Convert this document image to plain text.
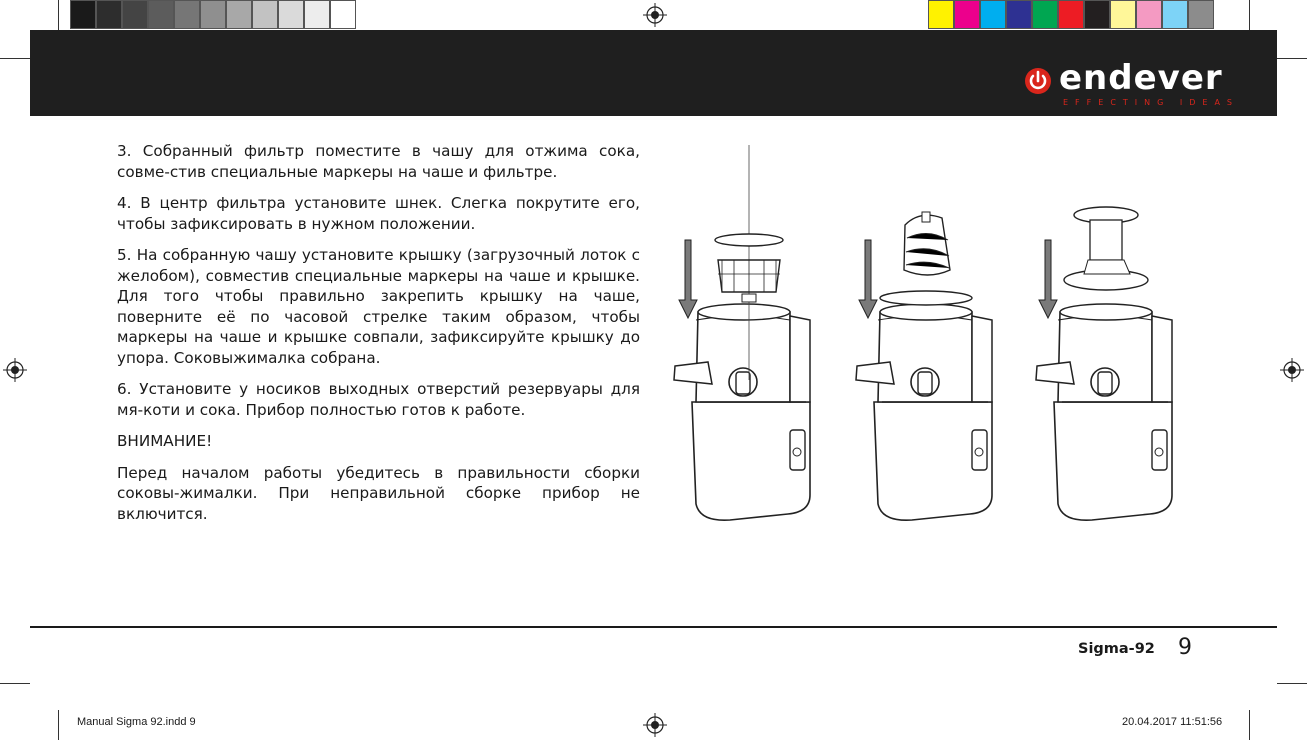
endever
EFFECTING IDEAS

3. Собранный фильтр поместите в чашу для отжима сока, совме-стив специальные маркеры на чаше и фильтре.

4. В центр фильтра установите шнек. Слегка покрутите его, чтобы зафиксировать в нужном положении.

5. На собранную чашу установите крышку (загрузочный лоток с желобом), совместив специальные маркеры на чаше и крышке. Для того чтобы правильно закрепить крышку на чаше, поверните её по часовой стрелке таким образом, чтобы маркеры на чаше и крышке совпали, зафиксируйте крышку до упора. Соковыжималка собрана.

6. Установите у носиков выходных отверстий резервуары для мя-коти и сока. Прибор полностью готов к работе.

ВНИМАНИЕ!

Перед началом работы убедитесь в правильности сборки соковы-жималки. При неправильной сборке прибор не включится.

Sigma-92 9
Manual Sigma 92.indd 9	20.04.2017 11:51:56
